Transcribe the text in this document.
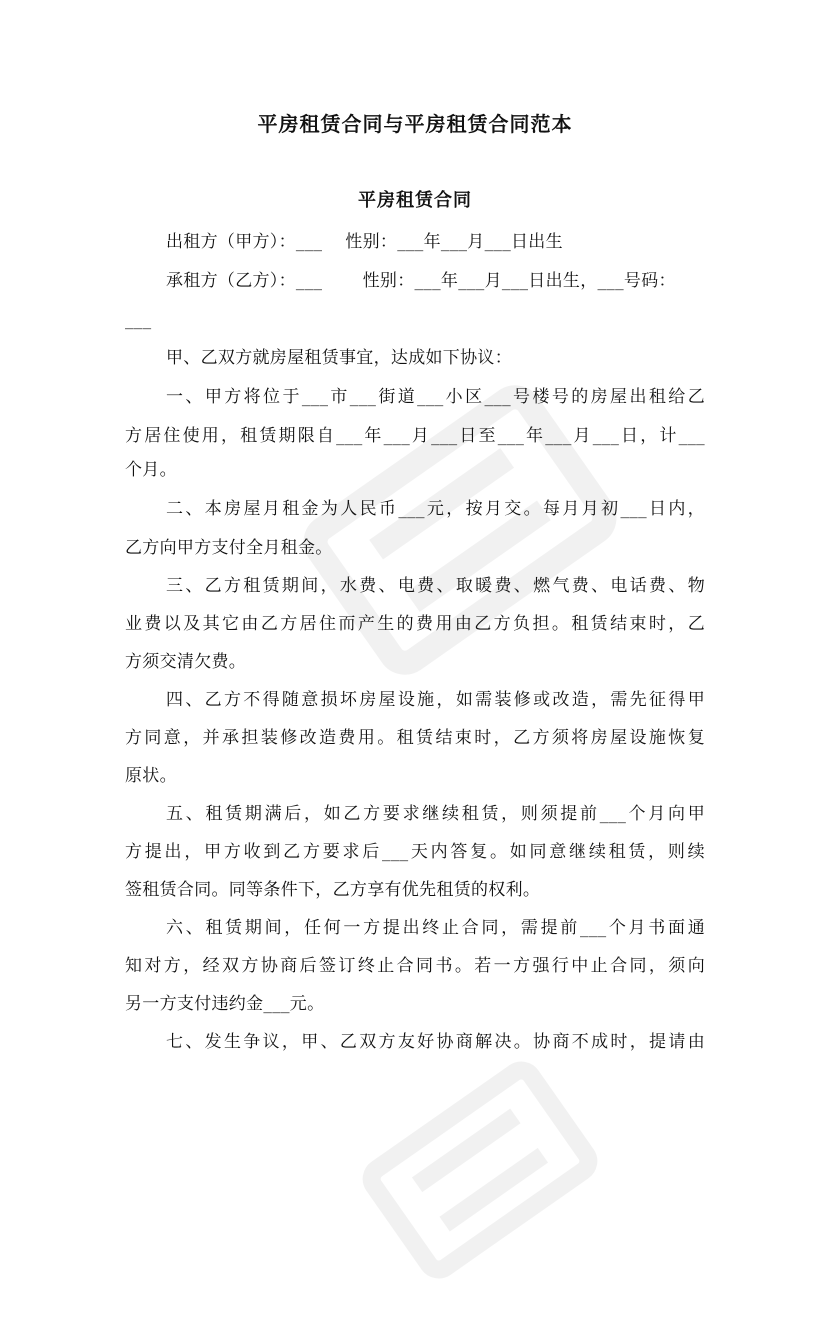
平房租赁合同与平房租赁合同范本
平房租赁合同
出租方（甲方）：___　 性别：___年___月___日出生
承租方（乙方）：___　　 性别：___年___月___日出生，___号码：
___
甲、乙双方就房屋租赁事宜，达成如下协议：
一、甲方将位于___市___街道___小区___号楼号的房屋出租给乙
方居住使用，租赁期限自___年___月___日至___年___月___日，计___
个月。
二、本房屋月租金为人民币___元，按月交。每月月初___日内，
乙方向甲方支付全月租金。
三、乙方租赁期间，水费、电费、取暖费、燃气费、电话费、物
业费以及其它由乙方居住而产生的费用由乙方负担。租赁结束时，乙
方须交清欠费。
四、乙方不得随意损坏房屋设施，如需装修或改造，需先征得甲
方同意，并承担装修改造费用。租赁结束时，乙方须将房屋设施恢复
原状。
五、租赁期满后，如乙方要求继续租赁，则须提前___个月向甲
方提出，甲方收到乙方要求后___天内答复。如同意继续租赁，则续
签租赁合同。同等条件下，乙方享有优先租赁的权利。
六、租赁期间，任何一方提出终止合同，需提前___个月书面通
知对方，经双方协商后签订终止合同书。若一方强行中止合同，须向
另一方支付违约金___元。
七、发生争议，甲、乙双方友好协商解决。协商不成时，提请由
